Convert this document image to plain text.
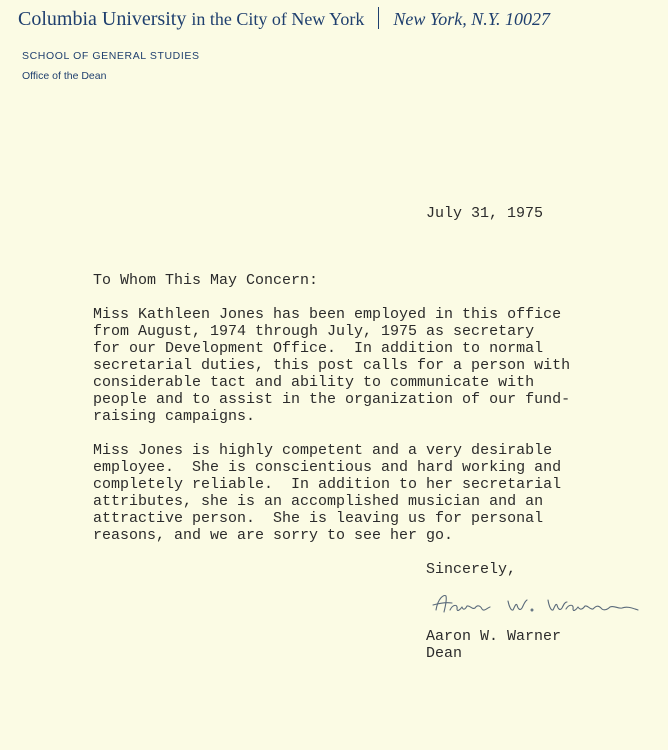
Columbia University in the City of New York New York, N.Y. 10027
SCHOOL OF GENERAL STUDIES
Office of the Dean
July 31, 1975
To Whom This May Concern:

Miss Kathleen Jones has been employed in this office
from August, 1974 through July, 1975 as secretary
for our Development Office.  In addition to normal
secretarial duties, this post calls for a person with
considerable tact and ability to communicate with
people and to assist in the organization of our fund-
raising campaigns.

Miss Jones is highly competent and a very desirable
employee.  She is conscientious and hard working and
completely reliable.  In addition to her secretarial
attributes, she is an accomplished musician and an
attractive person.  She is leaving us for personal
reasons, and we are sorry to see her go.

Sincerely,
Aaron W. Warner
Dean
